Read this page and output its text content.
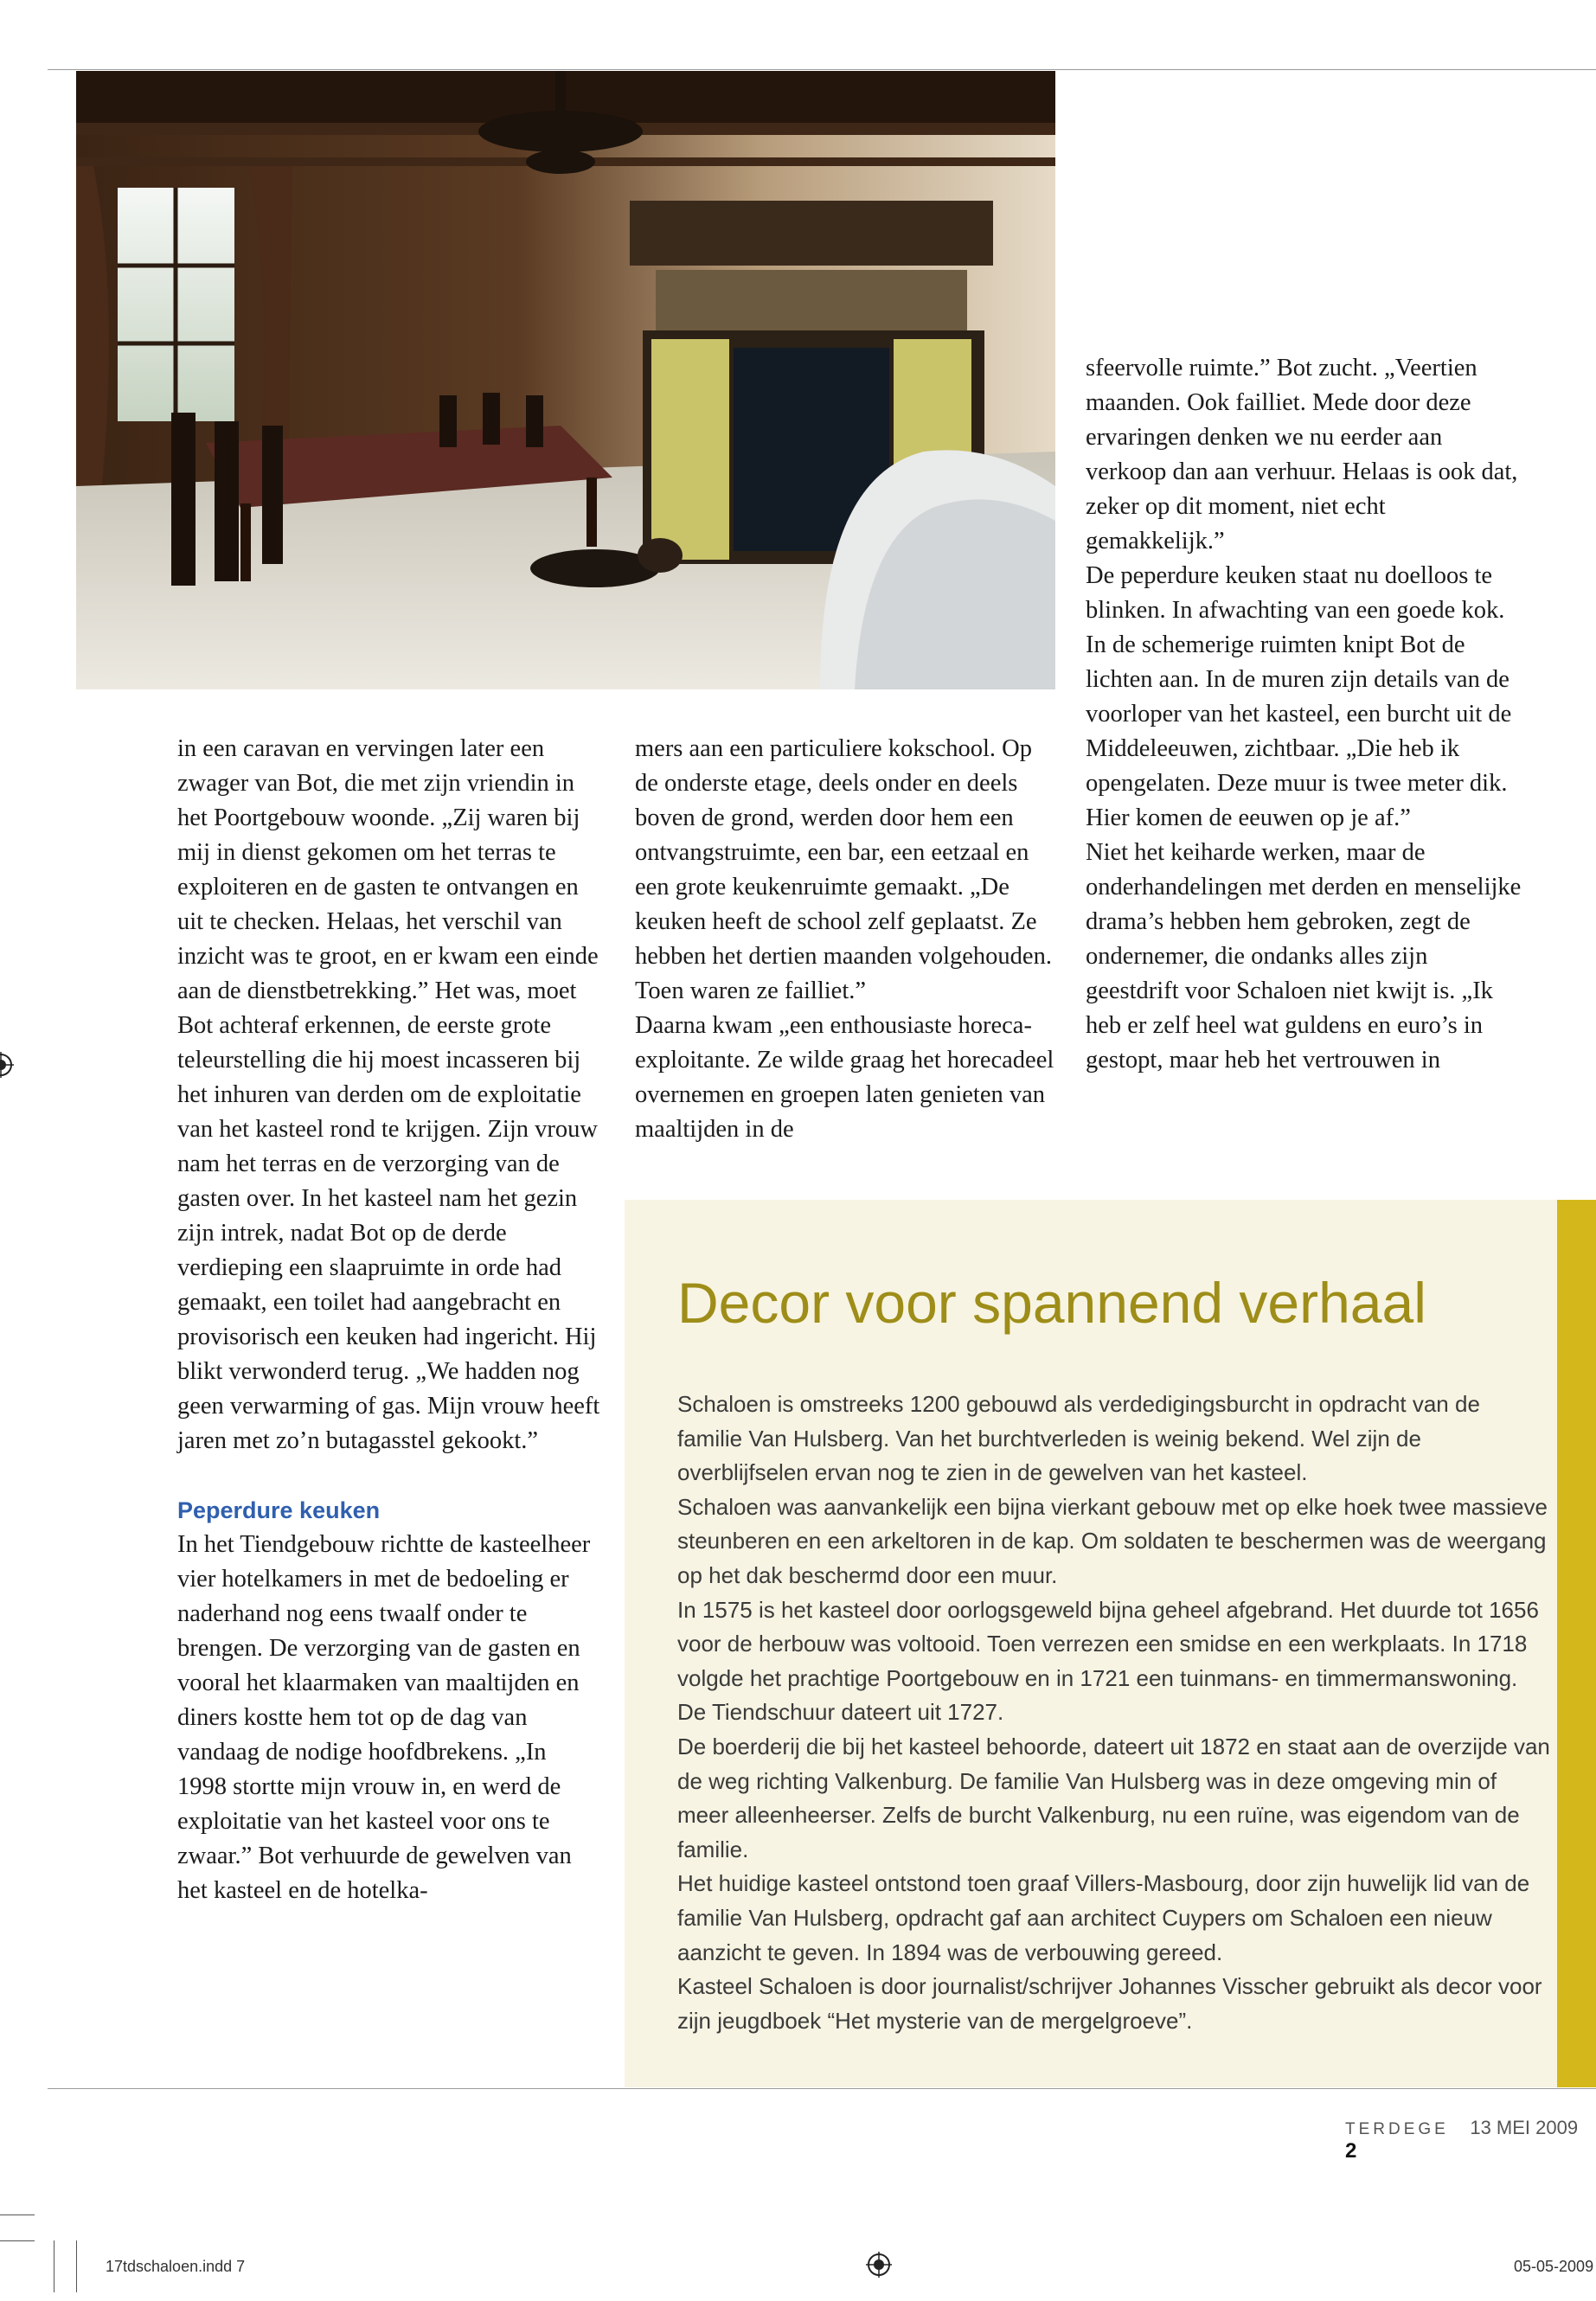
in een caravan en vervingen later een zwager van Bot, die met zijn vriendin in het Poortgebouw woonde. „Zij waren bij mij in dienst gekomen om het terras te exploiteren en de gasten te ontvangen en uit te checken. Helaas, het verschil van inzicht was te groot, en er kwam een einde aan de dienstbetrekking.” Het was, moet Bot achteraf erkennen, de eerste grote teleurstelling die hij moest incasseren bij het inhuren van derden om de exploitatie van het kasteel rond te krijgen. Zijn vrouw nam het terras en de verzorging van de gasten over. In het kasteel nam het gezin zijn intrek, nadat Bot op de derde verdieping een slaapruimte in orde had gemaakt, een toilet had aangebracht en provisorisch een keuken had ingericht. Hij blikt verwonderd terug. „We hadden nog geen verwarming of gas. Mijn vrouw heeft jaren met zo’n butagasstel gekookt.”

Peperdure keuken

In het Tiendgebouw richtte de kasteelheer vier hotelkamers in met de bedoeling er naderhand nog eens twaalf onder te brengen. De verzorging van de gasten en vooral het klaarmaken van maaltijden en diners kostte hem tot op de dag van vandaag de nodige hoofdbrekens. „In 1998 stortte mijn vrouw in, en werd de exploitatie van het kasteel voor ons te zwaar.” Bot verhuurde de gewelven van het kasteel en de hotelka-

mers aan een particuliere kokschool. Op de onderste etage, deels onder en deels boven de grond, werden door hem een ontvangstruimte, een bar, een eetzaal en een grote keukenruimte gemaakt. „De keuken heeft de school zelf geplaatst. Ze hebben het dertien maanden volgehouden. Toen waren ze failliet.”

Daarna kwam „een enthousiaste horeca-exploitante. Ze wilde graag het horecadeel overnemen en groepen laten genieten van maaltijden in de

sfeervolle ruimte.” Bot zucht. „Veertien maanden. Ook failliet. Mede door deze ervaringen denken we nu eerder aan verkoop dan aan verhuur. Helaas is ook dat, zeker op dit moment, niet echt gemakkelijk.”

De peperdure keuken staat nu doelloos te blinken. In afwachting van een goede kok. In de schemerige ruimten knipt Bot de lichten aan. In de muren zijn details van de voorloper van het kasteel, een burcht uit de Middeleeuwen, zichtbaar. „Die heb ik opengelaten. Deze muur is twee meter dik. Hier komen de eeuwen op je af.”

Niet het keiharde werken, maar de onderhandelingen met derden en menselijke drama’s hebben hem gebroken, zegt de ondernemer, die ondanks alles zijn geestdrift voor Schaloen niet kwijt is. „Ik heb er zelf heel wat guldens en euro’s in gestopt, maar heb het vertrouwen in

Decor voor spannend verhaal

Schaloen is omstreeks 1200 gebouwd als verdedigingsburcht in opdracht van de familie Van Hulsberg. Van het burchtverleden is weinig bekend. Wel zijn de overblijfselen ervan nog te zien in de gewelven van het kasteel.

Schaloen was aanvankelijk een bijna vierkant gebouw met op elke hoek twee massieve steunberen en een arkeltoren in de kap. Om soldaten te beschermen was de weergang op het dak beschermd door een muur.

In 1575 is het kasteel door oorlogsgeweld bijna geheel afgebrand. Het duurde tot 1656 voor de herbouw was voltooid. Toen verrezen een smidse en een werkplaats. In 1718 volgde het prachtige Poortgebouw en in 1721 een tuinmans- en timmermanswoning. De Tiendschuur dateert uit 1727.

De boerderij die bij het kasteel behoorde, dateert uit 1872 en staat aan de overzijde van de weg richting Valkenburg. De familie Van Hulsberg was in deze omgeving min of meer alleenheerser. Zelfs de burcht Valkenburg, nu een ruïne, was eigendom van de familie.

Het huidige kasteel ontstond toen graaf Villers-Masbourg, door zijn huwelijk lid van de familie Van Hulsberg, opdracht gaf aan architect Cuypers om Schaloen een nieuw aanzicht te geven. In 1894 was de verbouwing gereed.

Kasteel Schaloen is door journalist/schrijver Johannes Visscher gebruikt als decor voor zijn jeugdboek “Het mysterie van de mergelgroeve”.

TERDEGE 13 MEI 2009    2
17tdschaloen.indd 7	05-05-2009
